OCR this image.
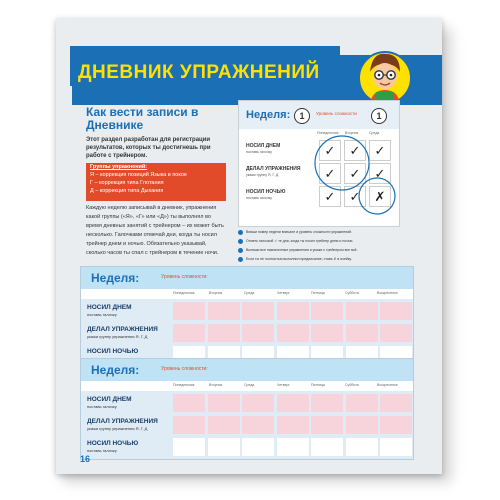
ДНЕВНИК УПРАЖНЕНИЙ
Как вести записи в Дневнике
Этот раздел разработан для регистрации результатов, которых ты достигнешь при работе с трейнером.
Группы упражнений:
Я – коррекция позиций Языка в покое
Г – коррекция типа Глотания
Д – коррекция типа Дыхания
Каждую неделю записывай в дневник, упражнения какой группы («Я», «Г» или «Д») ты выполнял во время дневных занятий с трейнером – их может быть несколько. Галочками отмечай дни, когда ты носил трейнер днем и ночью. Обязательно указывай, сколько часов ты спал с трейнером в течение ночи.
Неделя:	1	Уровень сложности	1
Понедельник Вторник	Среда
НОСИЛ ДНЕМ
поставь галочку	✓	✓	✓
ДЕЛАЛ УПРАЖНЕНИЯ
укажи группу Я, Г, Д	✓	✓	✓
НОСИЛ НОЧЬЮ
поставь галочку	✓	✓	✗
Впиши номер недели вначале и уровень сложности упражнений.
Отметь галочкой ✓ те дни, когда ты носил трейнер днем и ночью.
Выпиши все назначенные упражнения и укажи с трейнером все всё.
Если ты не полностью выполнил предписание, ставь ✗ в ячейку.
Неделя:	Уровень сложности:
Понедельник	Вторник	Среда	Четверг	Пятница	Суббота	Воскресенье
НОСИЛ ДНЕМ
поставь галочку
ДЕЛАЛ УПРАЖНЕНИЯ
укажи группу упражнения Я, Г, Д
НОСИЛ НОЧЬЮ
Неделя:	Уровень сложности:
Понедельник	Вторник	Среда	Четверг	Пятница	Суббота	Воскресенье
НОСИЛ ДНЕМ
поставь галочку
ДЕЛАЛ УПРАЖНЕНИЯ
укажи группу упражнения Я, Г, Д
НОСИЛ НОЧЬЮ
поставь галочку
16
